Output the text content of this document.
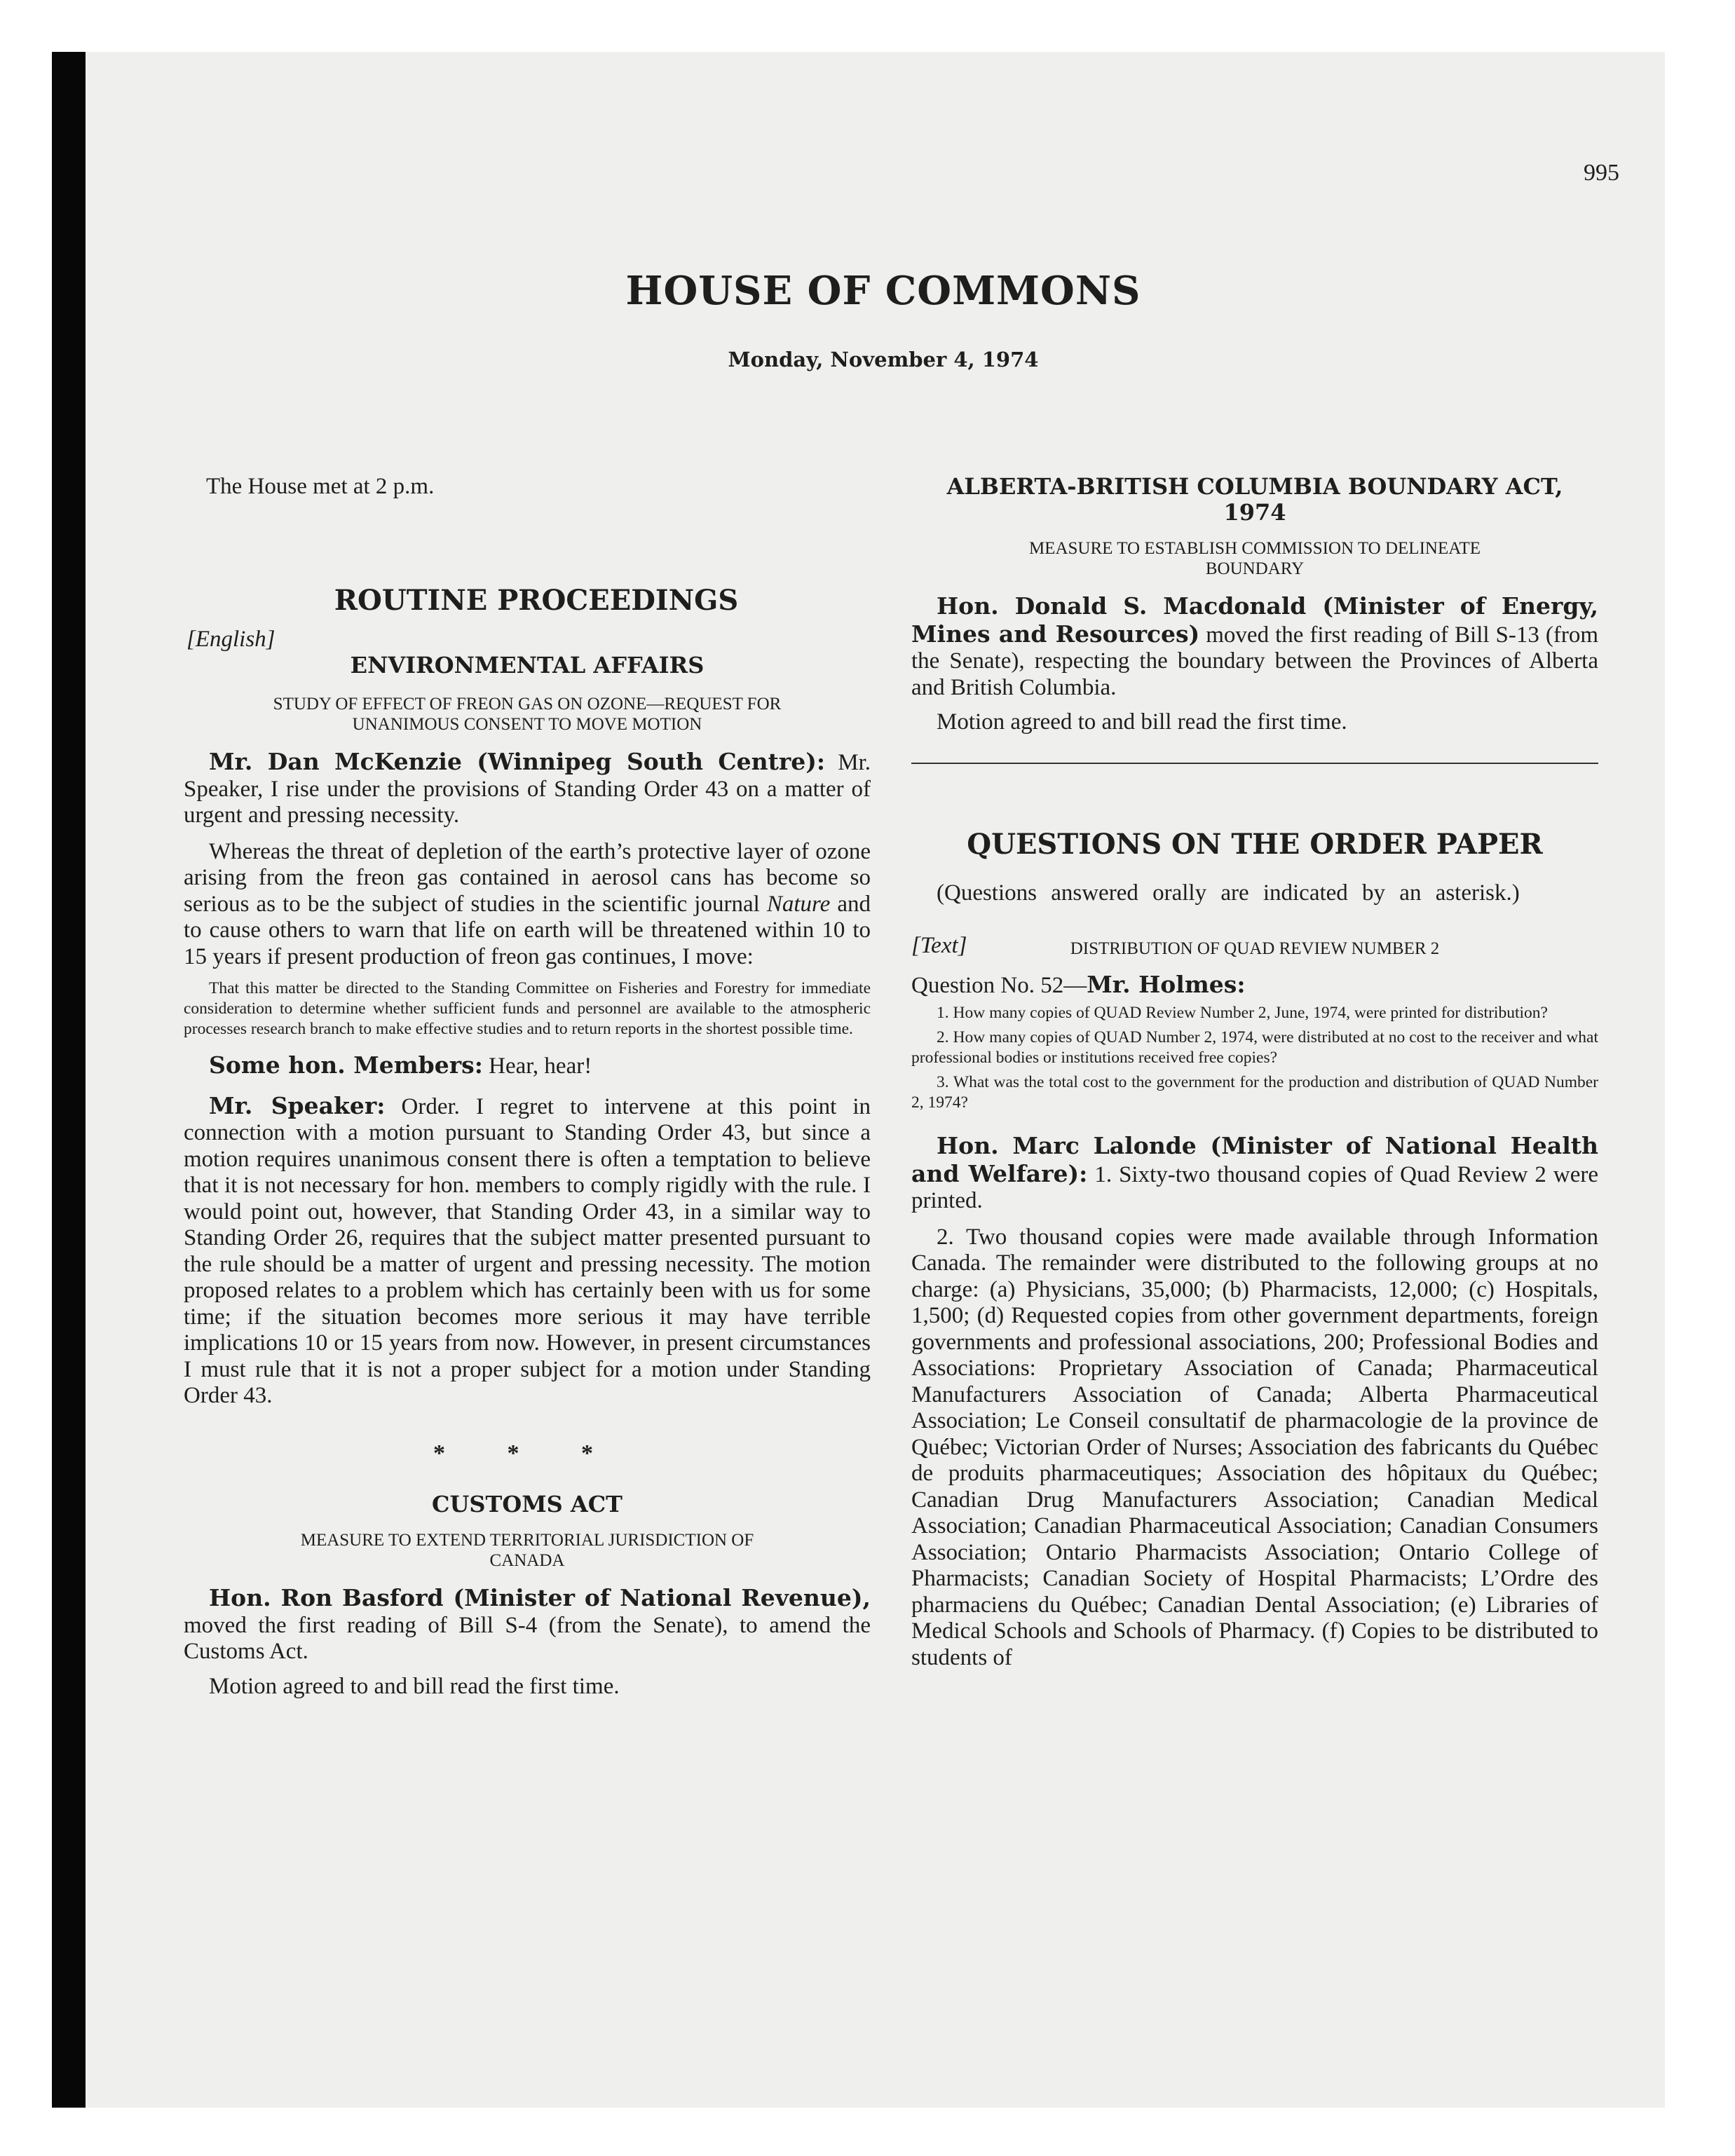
995
HOUSE OF COMMONS
Monday, November 4, 1974

The House met at 2 p.m.

ROUTINE PROCEEDINGS

[English]

ENVIRONMENTAL AFFAIRS

STUDY OF EFFECT OF FREON GAS ON OZONE—REQUEST FOR

UNANIMOUS CONSENT TO MOVE MOTION

Mr. Dan McKenzie (Winnipeg South Centre): Mr. Speaker, I rise under the provisions of Standing Order 43 on a matter of urgent and pressing necessity.

Whereas the threat of depletion of the earth’s protective layer of ozone arising from the freon gas contained in aerosol cans has become so serious as to be the subject of studies in the scientific journal Nature and to cause others to warn that life on earth will be threatened within 10 to 15 years if present production of freon gas continues, I move:

That this matter be directed to the Standing Committee on Fisheries and Forestry for immediate consideration to determine whether sufficient funds and personnel are available to the atmospheric processes research branch to make effective studies and to return reports in the shortest possible time.

Some hon. Members: Hear, hear!

Mr. Speaker: Order. I regret to intervene at this point in connection with a motion pursuant to Standing Order 43, but since a motion requires unanimous consent there is often a temptation to believe that it is not necessary for hon. members to comply rigidly with the rule. I would point out, however, that Standing Order 43, in a similar way to Standing Order 26, requires that the subject matter presented pursuant to the rule should be a matter of urgent and pressing necessity. The motion proposed relates to a problem which has certainly been with us for some time; if the situation becomes more serious it may have terrible implications 10 or 15 years from now. However, in present circumstances I must rule that it is not a proper subject for a motion under Standing Order 43.

* * *

CUSTOMS ACT

MEASURE TO EXTEND TERRITORIAL JURISDICTION OF

CANADA

Hon. Ron Basford (Minister of National Revenue), moved the first reading of Bill S-4 (from the Senate), to amend the Customs Act.

Motion agreed to and bill read the first time.

ALBERTA-BRITISH COLUMBIA BOUNDARY ACT,

1974

MEASURE TO ESTABLISH COMMISSION TO DELINEATE

BOUNDARY

Hon. Donald S. Macdonald (Minister of Energy, Mines and Resources) moved the first reading of Bill S-13 (from the Senate), respecting the boundary between the Provinces of Alberta and British Columbia.

Motion agreed to and bill read the first time.

QUESTIONS ON THE ORDER PAPER

(Questions answered orally are indicated by an asterisk.)

[Text]	DISTRIBUTION OF QUAD REVIEW NUMBER 2

Question No. 52—Mr. Holmes:

1. How many copies of QUAD Review Number 2, June, 1974, were printed for distribution?

2. How many copies of QUAD Number 2, 1974, were distributed at no cost to the receiver and what professional bodies or institutions received free copies?

3. What was the total cost to the government for the production and distribution of QUAD Number 2, 1974?

Hon. Marc Lalonde (Minister of National Health and Welfare): 1. Sixty-two thousand copies of Quad Review 2 were printed.

2. Two thousand copies were made available through Information Canada. The remainder were distributed to the following groups at no charge: (a) Physicians, 35,000; (b) Pharmacists, 12,000; (c) Hospitals, 1,500; (d) Requested copies from other government departments, foreign governments and professional associations, 200; Professional Bodies and Associations: Proprietary Association of Canada; Pharmaceutical Manufacturers Association of Canada; Alberta Pharmaceutical Association; Le Conseil consultatif de pharmacologie de la province de Québec; Victorian Order of Nurses; Association des fabricants du Québec de produits pharmaceutiques; Association des hôpitaux du Québec; Canadian Drug Manufacturers Association; Canadian Medical Association; Canadian Pharmaceutical Association; Canadian Consumers Association; Ontario Pharmacists Association; Ontario College of Pharmacists; Canadian Society of Hospital Pharmacists; L’Ordre des pharmaciens du Québec; Canadian Dental Association; (e) Libraries of Medical Schools and Schools of Pharmacy. (f) Copies to be distributed to students of
